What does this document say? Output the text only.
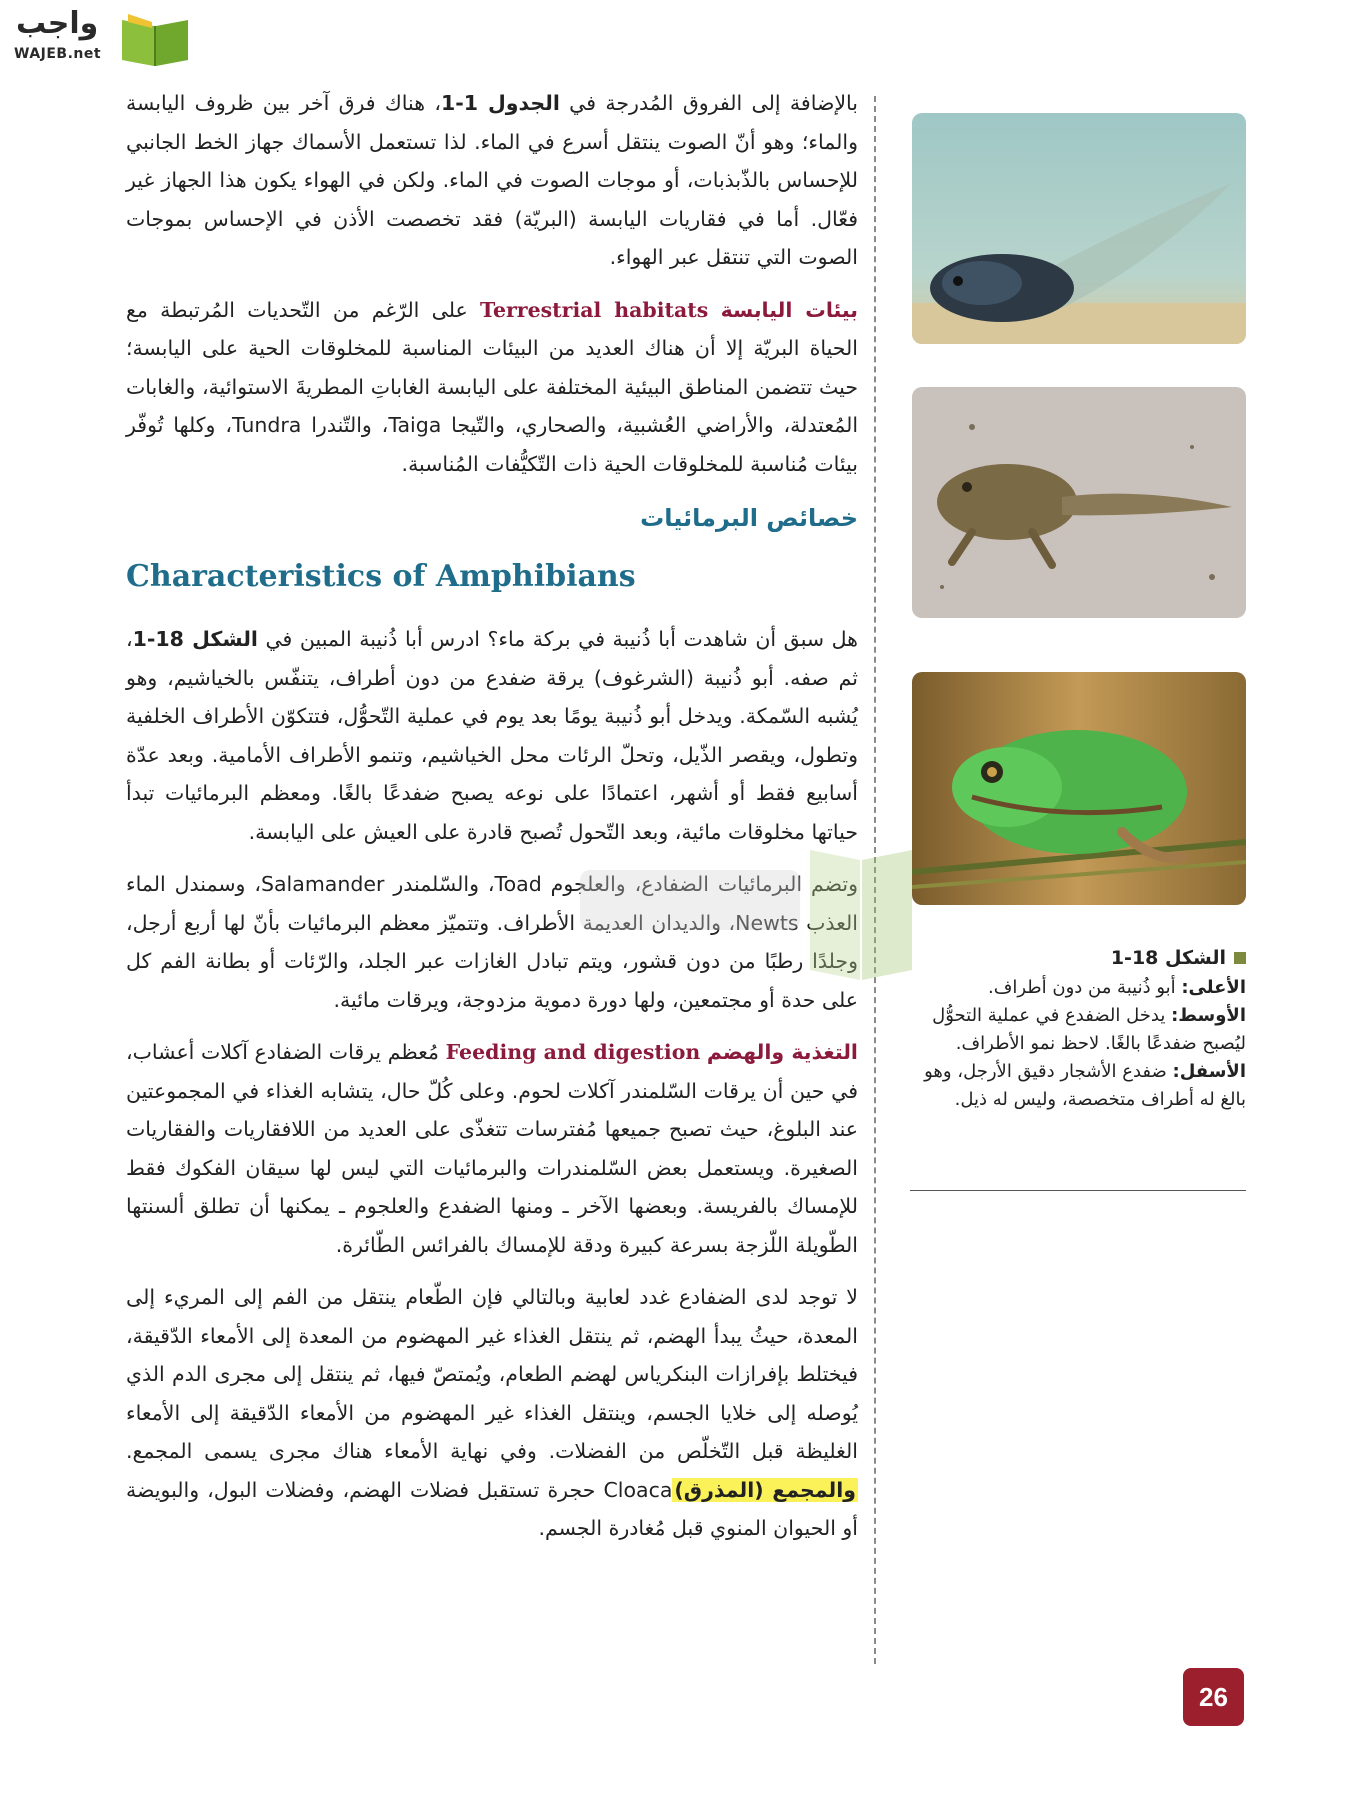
واجب
WAJEB.net

بالإضافة إلى الفروق المُدرجة في الجدول 1-1، هناك فرق آخر بين ظروف اليابسة والماء؛ وهو أنّ الصوت ينتقل أسرع في الماء. لذا تستعمل الأسماك جهاز الخط الجانبي للإحساس بالذّبذبات، أو موجات الصوت في الماء. ولكن في الهواء يكون هذا الجهاز غير فعّال. أما في فقاريات اليابسة (البريّة) فقد تخصصت الأذن في الإحساس بموجات الصوت التي تنتقل عبر الهواء.

بيئات اليابسة Terrestrial habitats على الرّغم من التّحديات المُرتبطة مع الحياة البريّة إلا أن هناك العديد من البيئات المناسبة للمخلوقات الحية على اليابسة؛ حيث تتضمن المناطق البيئية المختلفة على اليابسة الغاباتِ المطريةَ الاستوائية، والغابات المُعتدلة، والأراضي العُشبية، والصحاري، والتّيجا Taiga، والتّندرا Tundra، وكلها تُوفّر بيئات مُناسبة للمخلوقات الحية ذات التّكيُّفات المُناسبة.

خصائص البرمائيات
Characteristics of Amphibians

هل سبق أن شاهدت أبا ذُنيبة في بركة ماء؟ ادرس أبا ذُنيبة المبين في الشكل 18-1، ثم صفه. أبو ذُنيبة (الشرغوف) يرقة ضفدع من دون أطراف، يتنفّس بالخياشيم، وهو يُشبه السّمكة. ويدخل أبو ذُنيبة يومًا بعد يوم في عملية التّحوُّل، فتتكوّن الأطراف الخلفية وتطول، ويقصر الذّيل، وتحلّ الرئات محل الخياشيم، وتنمو الأطراف الأمامية. وبعد عدّة أسابيع فقط أو أشهر، اعتمادًا على نوعه يصبح ضفدعًا بالغًا. ومعظم البرمائيات تبدأ حياتها مخلوقات مائية، وبعد التّحول تُصبح قادرة على العيش على اليابسة.

وتضم البرمائيات الضفادع، والعلجوم Toad، والسّلمندر Salamander، وسمندل الماء العذب Newts، والديدان العديمة الأطراف. وتتميّز معظم البرمائيات بأنّ لها أربع أرجل، وجلدًا رطبًا من دون قشور، ويتم تبادل الغازات عبر الجلد، والرّئات أو بطانة الفم كل على حدة أو مجتمعين، ولها دورة دموية مزدوجة، ويرقات مائية.

التغذية والهضم Feeding and digestion مُعظم يرقات الضفادع آكلات أعشاب، في حين أن يرقات السّلمندر آكلات لحوم. وعلى كُلّ حال، يتشابه الغذاء في المجموعتين عند البلوغ، حيث تصبح جميعها مُفترسات تتغذّى على العديد من اللافقاريات والفقاريات الصغيرة. ويستعمل بعض السّلمندرات والبرمائيات التي ليس لها سيقان الفكوك فقط للإمساك بالفريسة. وبعضها الآخر ـ ومنها الضفدع والعلجوم ـ يمكنها أن تطلق ألسنتها الطّويلة اللّزجة بسرعة كبيرة ودقة للإمساك بالفرائس الطّائرة.

لا توجد لدى الضفادع غدد لعابية وبالتالي فإن الطّعام ينتقل من الفم إلى المريء إلى المعدة، حيثُ يبدأ الهضم، ثم ينتقل الغذاء غير المهضوم من المعدة إلى الأمعاء الدّقيقة، فيختلط بإفرازات البنكرياس لهضم الطعام، ويُمتصّ فيها، ثم ينتقل إلى مجرى الدم الذي يُوصله إلى خلايا الجسم، وينتقل الغذاء غير المهضوم من الأمعاء الدّقيقة إلى الأمعاء الغليظة قبل التّخلّص من الفضلات. وفي نهاية الأمعاء هناك مجرى يسمى المجمع. والمجمع (المذرق)Cloaca حجرة تستقبل فضلات الهضم، وفضلات البول، والبويضة أو الحيوان المنوي قبل مُغادرة الجسم.

الشكل 18-1
الأعلى: أبو ذُنيبة من دون أطراف.
الأوسط: يدخل الضفدع في عملية التحوُّل ليُصبح ضفدعًا بالغًا. لاحظ نمو الأطراف.
الأسفل: ضفدع الأشجار دقيق الأرجل، وهو بالغ له أطراف متخصصة، وليس له ذيل.
26
